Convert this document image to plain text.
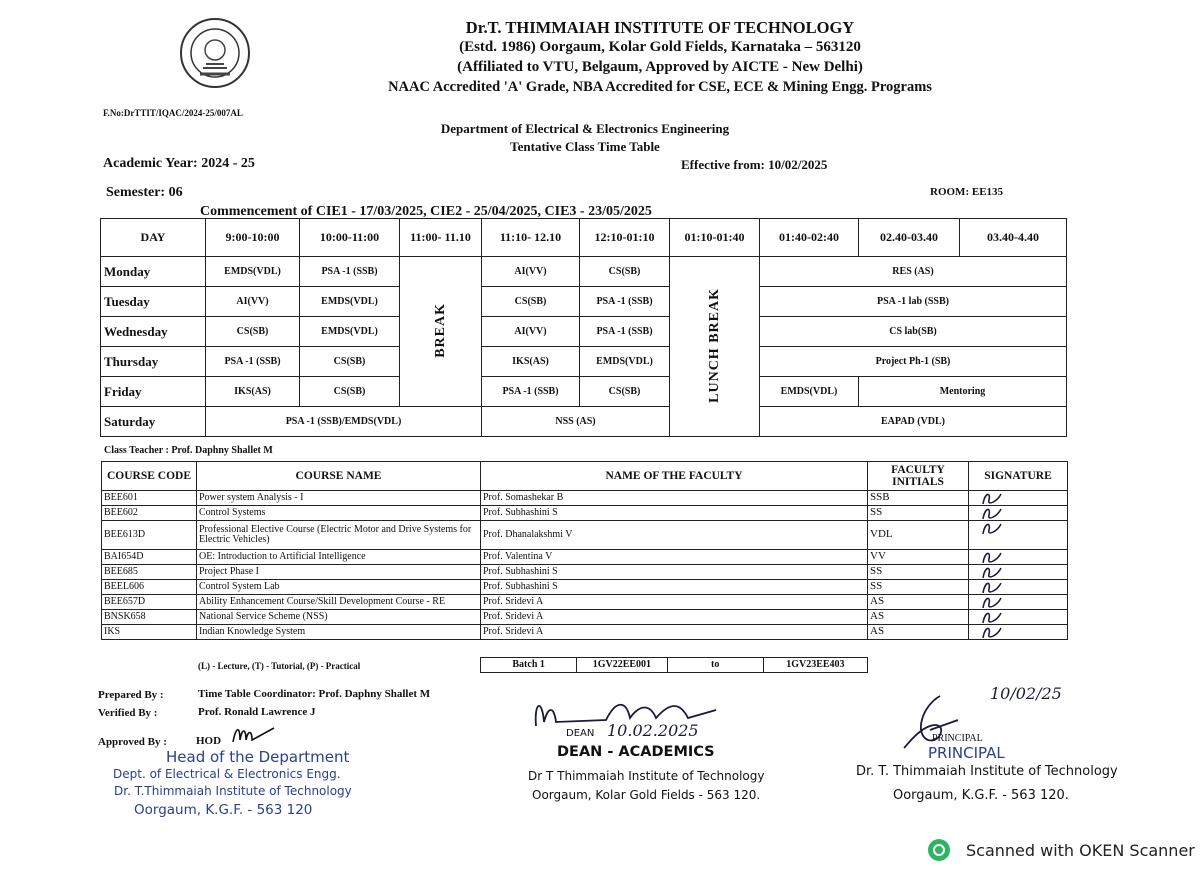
Dr.T. THIMMAIAH INSTITUTE OF TECHNOLOGY
(Estd. 1986) Oorgaum, Kolar Gold Fields, Karnataka – 563120
(Affiliated to VTU, Belgaum, Approved by AICTE - New Delhi)
NAAC Accredited 'A' Grade, NBA Accredited for CSE, ECE & Mining Engg. Programs
F.No:DrTTIT/IQAC/2024-25/007AL
Department of Electrical & Electronics Engineering
Tentative Class Time Table
Academic Year: 2024 - 25	Effective from: 10/02/2025
Semester: 06	ROOM: EE135
Commencement of CIE1 - 17/03/2025, CIE2 - 25/04/2025, CIE3 - 23/05/2025
DAY	9:00-10:00	10:00-11:00	11:00- 11.10	11:10- 12.10	12:10-01:10	01:10-01:40	01:40-02:40	02.40-03.40	03.40-4.40
Monday	EMDS(VDL)	PSA -1 (SSB)	BREAK	AI(VV)	CS(SB)	LUNCH BREAK	RES (AS)		
Tuesday	AI(VV)	EMDS(VDL)		CS(SB)	PSA -1 (SSB)		PSA -1 lab (SSB)		
Wednesday	CS(SB)	EMDS(VDL)		AI(VV)	PSA -1 (SSB)		CS lab(SB)		
Thursday	PSA -1 (SSB)	CS(SB)		IKS(AS)	EMDS(VDL)		Project Ph-1 (SB)		
Friday	IKS(AS)	CS(SB)		PSA -1 (SSB)	CS(SB)		EMDS(VDL)	Mentoring	
Saturday	PSA -1 (SSB)/EMDS(VDL)			NSS (AS)			EAPAD (VDL)		
Class Teacher : Prof. Daphny Shallet M
COURSE CODE	COURSE NAME	NAME OF THE FACULTY	FACULTY INITIALS	SIGNATURE
BEE601	Power system Analysis - I	Prof. Somashekar B	SSB	

BEE602	Control Systems	Prof. Subhashini S	SS	

BEE613D	Professional Elective Course (Electric Motor and Drive Systems for Electric Vehicles)	Prof. Dhanalakshmi V	VDL	

BAI654D	OE: Introduction to Artificial Intelligence	Prof. Valentina V	VV	

BEE685	Project Phase I	Prof. Subhashini S	SS	

BEEL606	Control System Lab	Prof. Subhashini S	SS	

BEE657D	Ability Enhancement Course/Skill Development Course - RE	Prof. Sridevi A	AS	

BNSK658	National Service Scheme (NSS)	Prof. Sridevi A	AS	

IKS	Indian Knowledge System	Prof. Sridevi A	AS	
(L) - Lecture, (T) - Tutorial, (P) - Practical	Batch 1	1GV22EE001	to	1GV23EE403
Prepared By :	Time Table Coordinator: Prof. Daphny Shallet M
Verified By :	Prof. Ronald Lawrence J
Approved By :	HOD
Head of the Department
Dept. of Electrical & Electronics Engg.
Dr. T.Thimmaiah Institute of Technology
Oorgaum, K.G.F. - 563 120
DEAN 10.02.2025
DEAN - ACADEMICS
Dr T Thimmaiah Institute of Technology
Oorgaum, Kolar Gold Fields - 563 120.
10/02/25
PRINCIPAL
PRINCIPAL
Dr. T. Thimmaiah Institute of Technology
Oorgaum, K.G.F. - 563 120.
Scanned with OKEN Scanner
